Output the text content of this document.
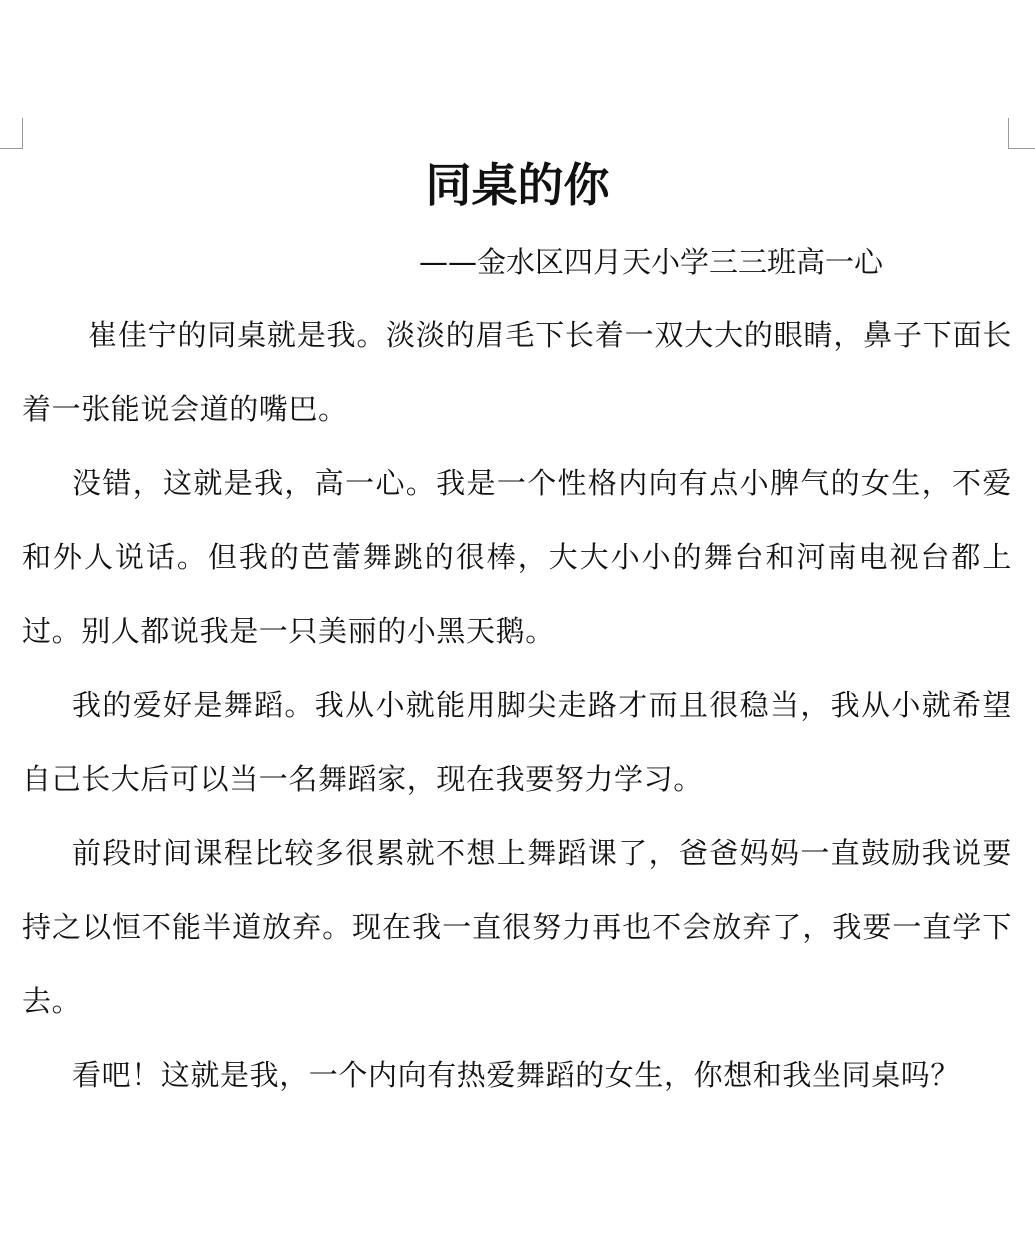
同桌的你
——金水区四月天小学三三班高一心

崔佳宁的同桌就是我。淡淡的眉毛下长着一双大大的眼睛，鼻子下面长着一张能说会道的嘴巴。

没错，这就是我，高一心。我是一个性格内向有点小脾气的女生，不爱和外人说话。但我的芭蕾舞跳的很棒，大大小小的舞台和河南电视台都上过。别人都说我是一只美丽的小黑天鹅。

我的爱好是舞蹈。我从小就能用脚尖走路才而且很稳当，我从小就希望自己长大后可以当一名舞蹈家，现在我要努力学习。

前段时间课程比较多很累就不想上舞蹈课了，爸爸妈妈一直鼓励我说要持之以恒不能半道放弃。现在我一直很努力再也不会放弃了，我要一直学下去。

看吧！这就是我，一个内向有热爱舞蹈的女生，你想和我坐同桌吗？
